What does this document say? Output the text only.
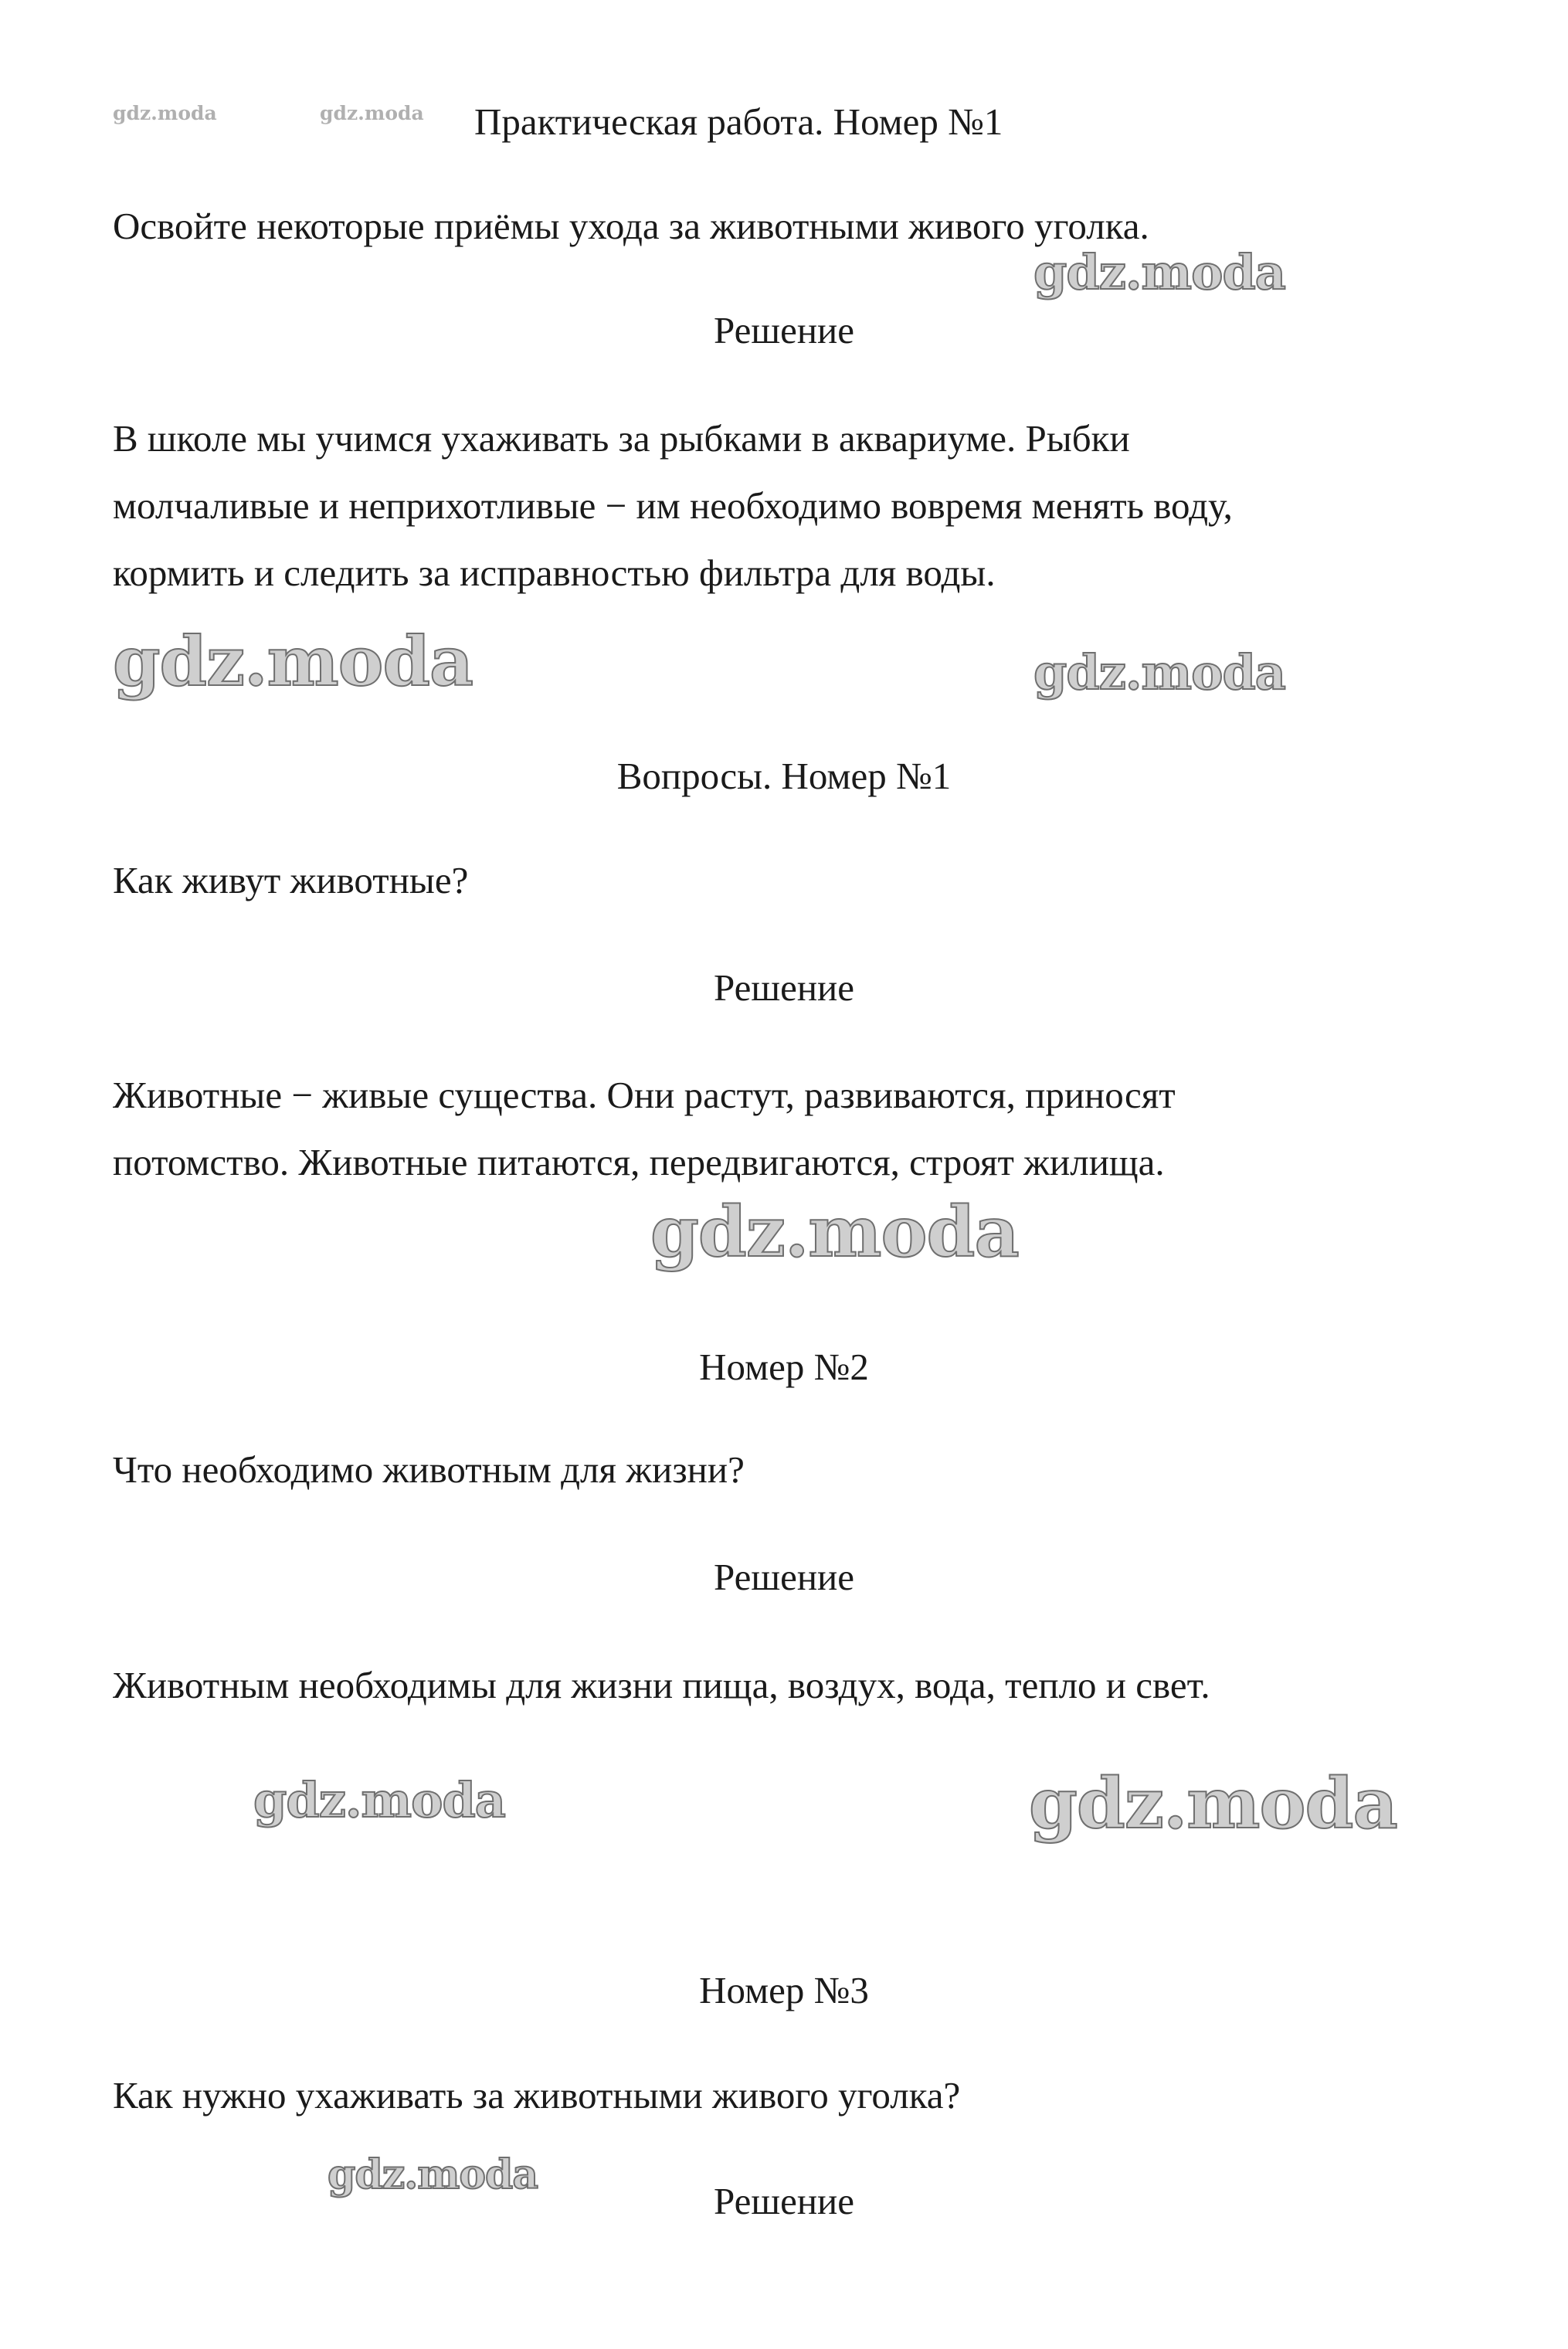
gdz.moda	gdz.moda
gdz.moda
gdz.moda	gdz.moda
gdz.moda
gdz.moda	gdz.moda
gdz.moda
Практическая работа. Номер №1

Освойте некоторые приёмы ухода за животными живого уголка.

Решение

В школе мы учимся ухаживать за рыбками в аквариуме. Рыбки

молчаливые и неприхотливые − им необходимо вовремя менять воду,

кормить и следить за исправностью фильтра для воды.

Вопросы. Номер №1

Как живут животные?

Решение

Животные − живые существа. Они растут, развиваются, приносят

потомство. Животные питаются, передвигаются, строят жилища.

Номер №2

Что необходимо животным для жизни?

Решение

Животным необходимы для жизни пища, воздух, вода, тепло и свет.

Номер №3

Как нужно ухаживать за животными живого уголка?

Решение
